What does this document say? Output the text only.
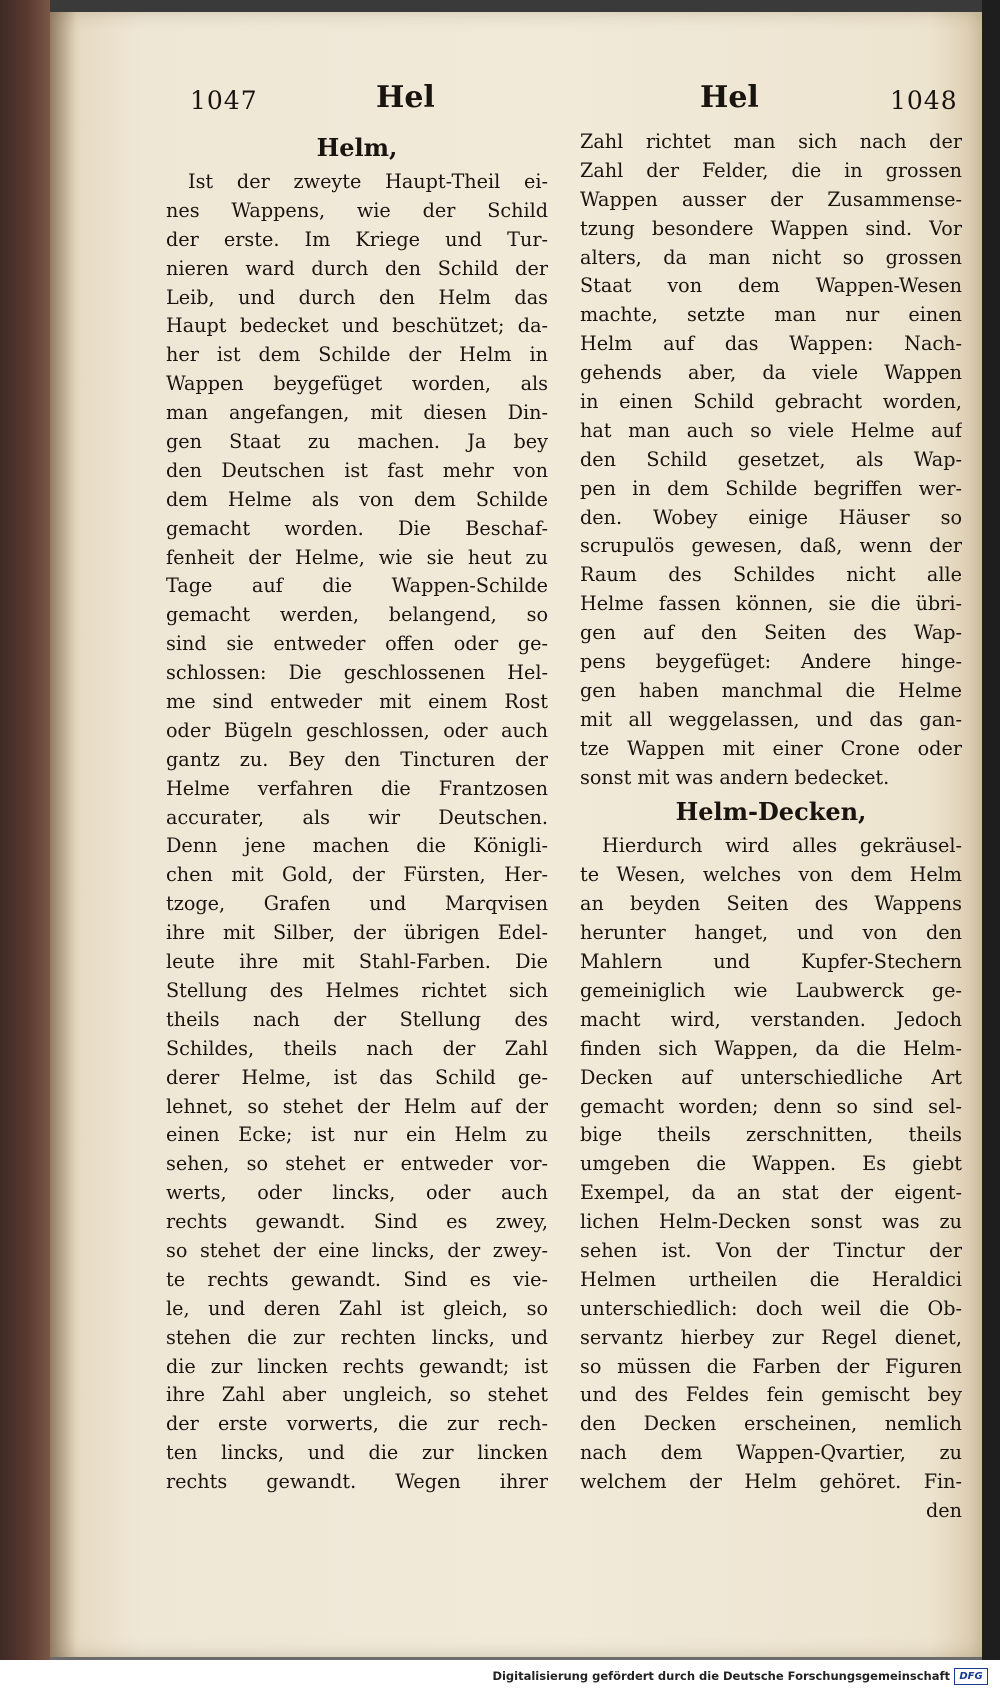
1047	Hel	Hel	1048
Helm,
Ist der zweyte Haupt-Theil ei-
nes Wappens, wie der Schild
der erste. Im Kriege und Tur-
nieren ward durch den Schild der
Leib, und durch den Helm das
Haupt bedecket und beschützet; da-
her ist dem Schilde der Helm in
Wappen beygefüget worden, als
man angefangen, mit diesen Din-
gen Staat zu machen. Ja bey
den Deutschen ist fast mehr von
dem Helme als von dem Schilde
gemacht worden. Die Beschaf-
fenheit der Helme, wie sie heut zu
Tage auf die Wappen-Schilde
gemacht werden, belangend, so
sind sie entweder offen oder ge-
schlossen: Die geschlossenen Hel-
me sind entweder mit einem Rost
oder Bügeln geschlossen, oder auch
gantz zu. Bey den Tincturen der
Helme verfahren die Frantzosen
accurater, als wir Deutschen.
Denn jene machen die Königli-
chen mit Gold, der Fürsten, Her-
tzoge, Grafen und Marqvisen
ihre mit Silber, der übrigen Edel-
leute ihre mit Stahl-Farben. Die
Stellung des Helmes richtet sich
theils nach der Stellung des
Schildes, theils nach der Zahl
derer Helme, ist das Schild ge-
lehnet, so stehet der Helm auf der
einen Ecke; ist nur ein Helm zu
sehen, so stehet er entweder vor-
werts, oder lincks, oder auch
rechts gewandt. Sind es zwey,
so stehet der eine lincks, der zwey-
te rechts gewandt. Sind es vie-
le, und deren Zahl ist gleich, so
stehen die zur rechten lincks, und
die zur lincken rechts gewandt; ist
ihre Zahl aber ungleich, so stehet
der erste vorwerts, die zur rech-
ten lincks, und die zur lincken
rechts gewandt. Wegen ihrer
Zahl richtet man sich nach der
Zahl der Felder, die in grossen
Wappen ausser der Zusammense-
tzung besondere Wappen sind. Vor
alters, da man nicht so grossen
Staat von dem Wappen-Wesen
machte, setzte man nur einen
Helm auf das Wappen: Nach-
gehends aber, da viele Wappen
in einen Schild gebracht worden,
hat man auch so viele Helme auf
den Schild gesetzet, als Wap-
pen in dem Schilde begriffen wer-
den. Wobey einige Häuser so
scrupulös gewesen, daß, wenn der
Raum des Schildes nicht alle
Helme fassen können, sie die übri-
gen auf den Seiten des Wap-
pens beygefüget: Andere hinge-
gen haben manchmal die Helme
mit all weggelassen, und das gan-
tze Wappen mit einer Crone oder
sonst mit was andern bedecket.
Helm-Decken,
Hierdurch wird alles gekräusel-
te Wesen, welches von dem Helm
an beyden Seiten des Wappens
herunter hanget, und von den
Mahlern und Kupfer-Stechern
gemeiniglich wie Laubwerck ge-
macht wird, verstanden. Jedoch
finden sich Wappen, da die Helm-
Decken auf unterschiedliche Art
gemacht worden; denn so sind sel-
bige theils zerschnitten, theils
umgeben die Wappen. Es giebt
Exempel, da an stat der eigent-
lichen Helm-Decken sonst was zu
sehen ist. Von der Tinctur der
Helmen urtheilen die Heraldici
unterschiedlich: doch weil die Ob-
servantz hierbey zur Regel dienet,
so müssen die Farben der Figuren
und des Feldes fein gemischt bey
den Decken erscheinen, nemlich
nach dem Wappen-Qvartier, zu
welchem der Helm gehöret. Fin-
den
Digitalisierung gefördert durch die Deutsche Forschungsgemeinschaft DFG
